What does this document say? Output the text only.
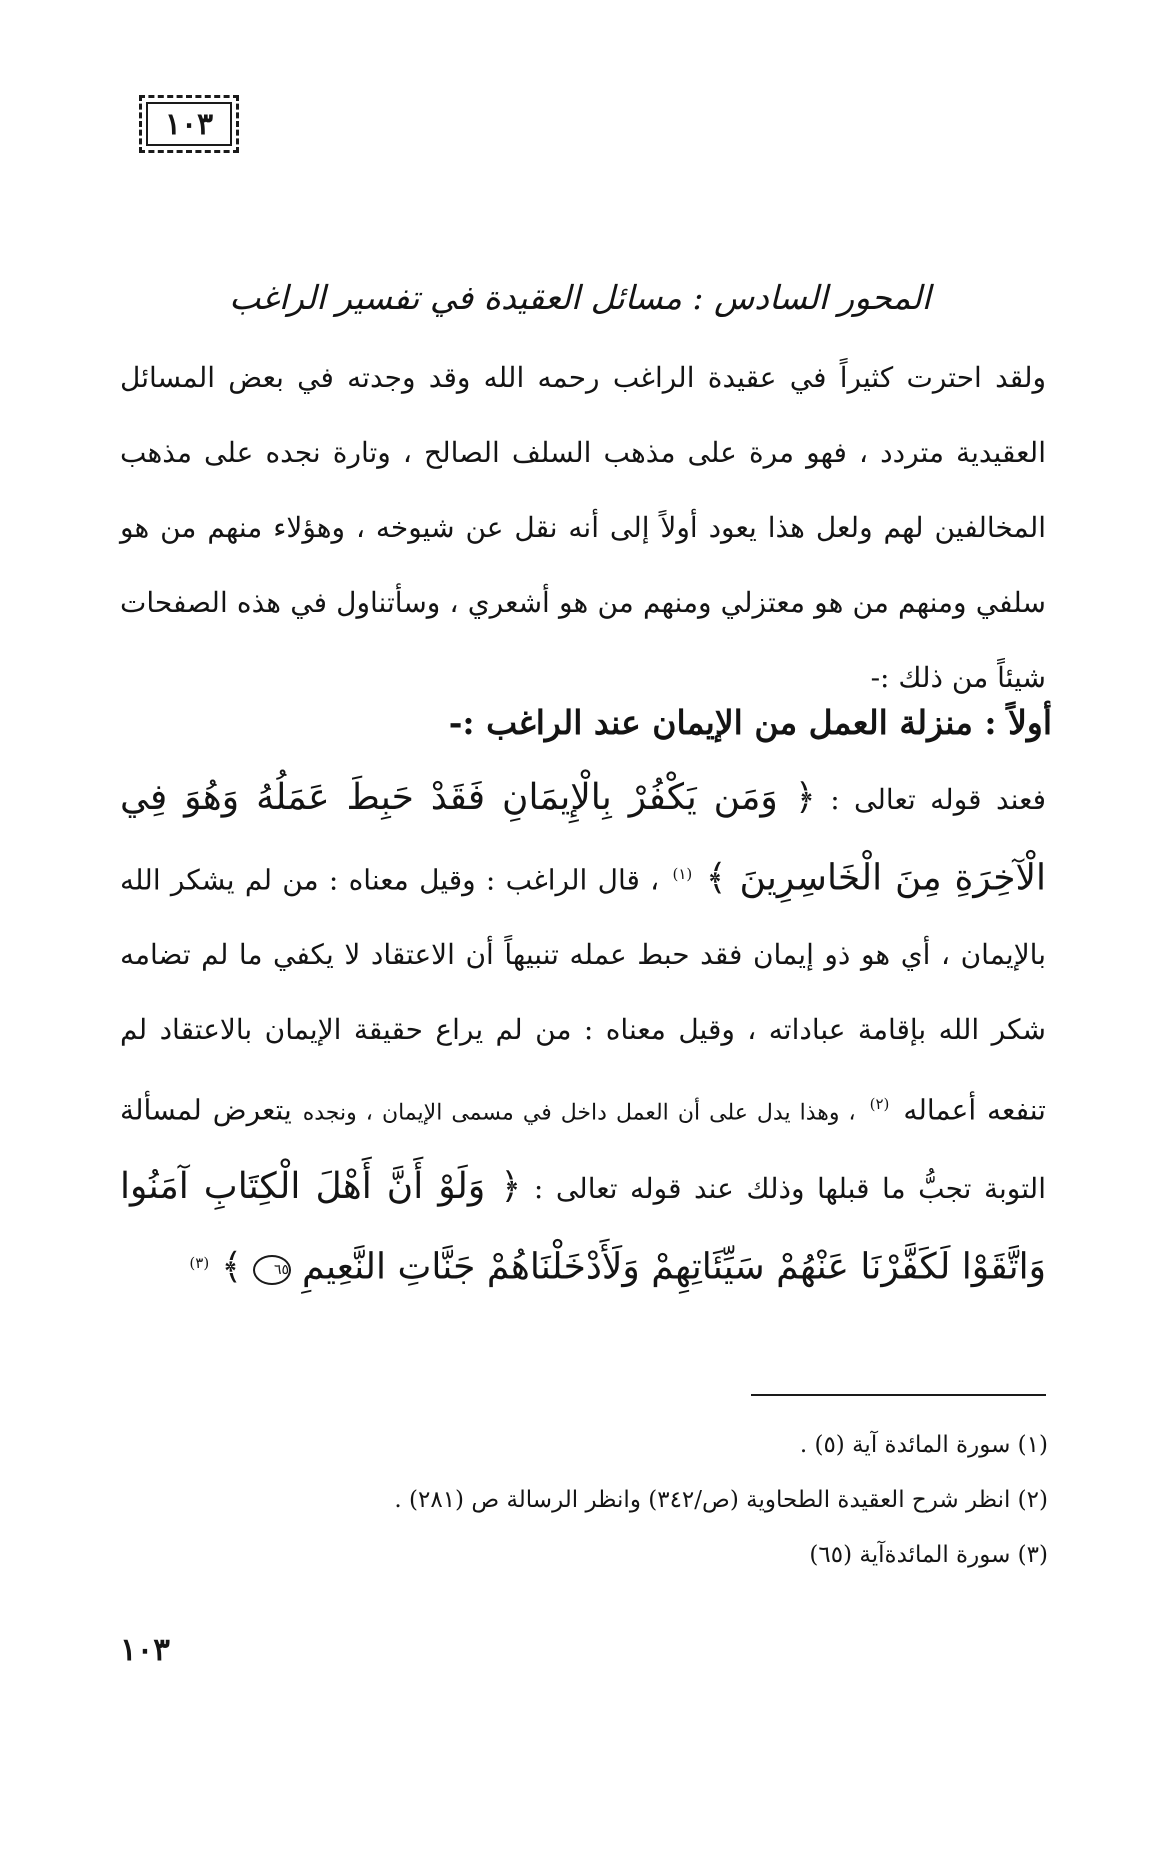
١٠٣
المحور السادس : مسائل العقيدة في تفسير الراغب
ولقد احترت كثيراً في عقيدة الراغب رحمه الله وقد وجدته في بعض المسائل العقيدية متردد ، فهو مرة على مذهب السلف الصالح ، وتارة نجده على مذهب المخالفين لهم ولعل هذا يعود أولاً إلى أنه نقل عن شيوخه ، وهؤلاء منهم من هو سلفي ومنهم من هو معتزلي ومنهم من هو أشعري ، وسأتناول في هذه الصفحات شيئاً من ذلك :-
أولاً : منزلة العمل من الإيمان عند الراغب :-
فعند قوله تعالى : ﴿ وَمَن يَكْفُرْ بِالْإِيمَانِ فَقَدْ حَبِطَ عَمَلُهُ وَهُوَ فِي الْآخِرَةِ مِنَ الْخَاسِرِينَ ﴾ $^{(١)}$ ، قال الراغب : وقيل معناه : من لم يشكر الله بالإيمان ، أي هو ذو إيمان فقد حبط عمله تنبيهاً أن الاعتقاد لا يكفي ما لم تضامه شكر الله بإقامة عباداته ، وقيل معناه : من لم يراع حقيقة الإيمان بالاعتقاد لم تنفعه أعماله $^{(٢)}$ ، وهذا يدل على أن العمل داخل في مسمى الإيمان ، ونجده يتعرض لمسألة التوبة تجبُّ ما قبلها وذلك عند قوله تعالى : ﴿ وَلَوْ أَنَّ أَهْلَ الْكِتَابِ آمَنُوا وَاتَّقَوْا لَكَفَّرْنَا عَنْهُمْ سَيِّئَاتِهِمْ وَلَأَدْخَلْنَاهُمْ جَنَّاتِ النَّعِيمِ ٦٥ ﴾ $^{(٣)}$
(١) سورة المائدة آية (٥) .
(٢) انظر شرح العقيدة الطحاوية (ص/٣٤٢) وانظر الرسالة ص (٢٨١) .
(٣) سورة المائدةآية (٦٥)
١٠٣
